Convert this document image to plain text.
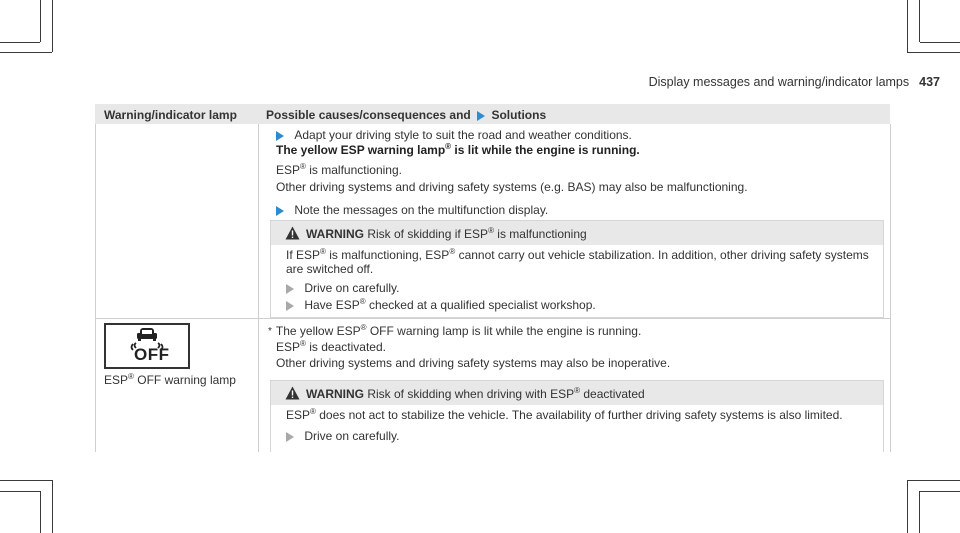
Display messages and warning/indicator lamps 437
Warning/indicator lamp Possible causes/consequences and Solutions
Adapt your driving style to suit the road and weather conditions.
The yellow ESP warning lamp® is lit while the engine is running.
ESP® is malfunctioning.
Other driving systems and driving safety systems (e.g. BAS) may also be malfunctioning.
Note the messages on the multifunction display.
WARNING Risk of skidding if ESP® is malfunctioning
If ESP® is malfunctioning, ESP® cannot carry out vehicle stabilization. In addition, other driving safety systems
are switched off.
Drive on carefully.
Have ESP® checked at a qualified specialist workshop.
OFF
ESP® OFF warning lamp
* The yellow ESP® OFF warning lamp is lit while the engine is running.
ESP® is deactivated.
Other driving systems and driving safety systems may also be inoperative.
WARNING Risk of skidding when driving with ESP® deactivated
ESP® does not act to stabilize the vehicle. The availability of further driving safety systems is also limited.
Drive on carefully.
